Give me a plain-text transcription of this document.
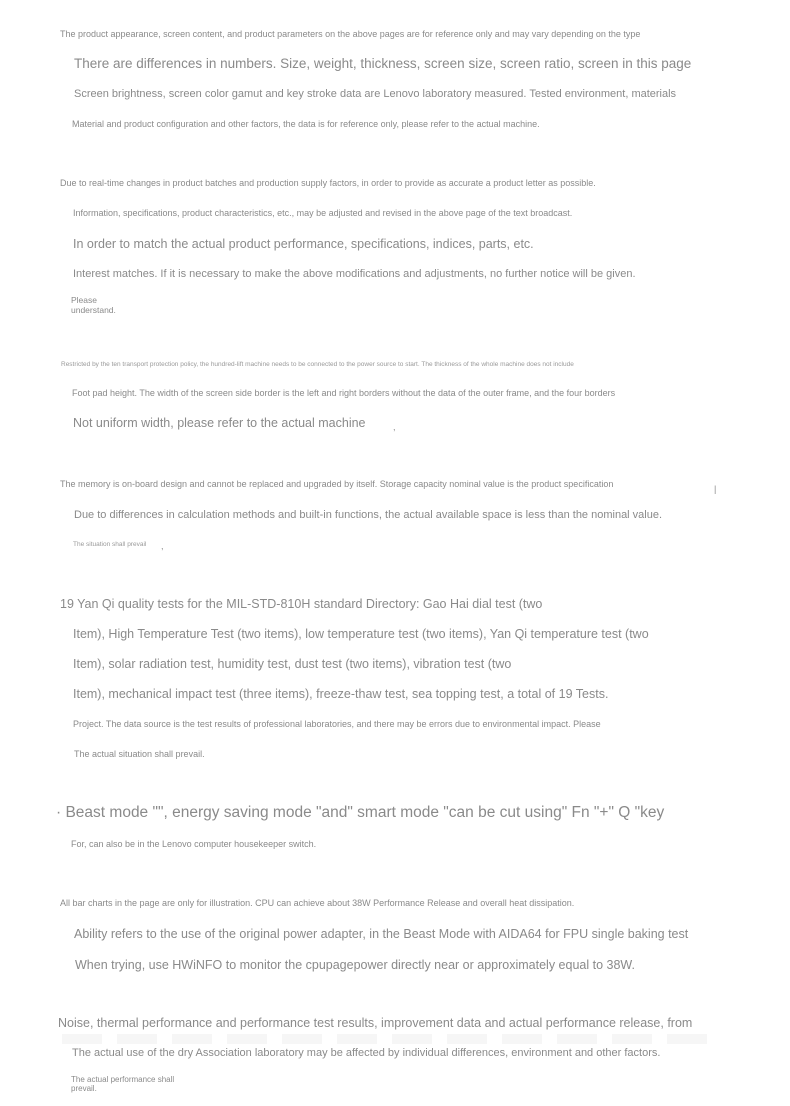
The product appearance, screen content, and product parameters on the above pages are for reference only and may vary depending on the type
There are differences in numbers. Size, weight, thickness, screen size, screen ratio, screen in this page
Screen brightness, screen color gamut and key stroke data are Lenovo laboratory measured. Tested environment, materials
Material and product configuration and other factors, the data is for reference only, please refer to the actual machine.
Due to real-time changes in product batches and production supply factors, in order to provide as accurate a product letter as possible.
Information, specifications, product characteristics, etc., may be adjusted and revised in the above page of the text broadcast.
In order to match the actual product performance, specifications, indices, parts, etc.
Interest matches. If it is necessary to make the above modifications and adjustments, no further notice will be given.
Please understand.
Restricted by the ten transport protection policy, the hundred-lift machine needs to be connected to the power source to start. The thickness of the whole machine does not include
Foot pad height. The width of the screen side border is the left and right borders without the data of the outer frame, and the four borders
Not uniform width, please refer to the actual machine	,
The memory is on-board design and cannot be replaced and upgraded by itself. Storage capacity nominal value is the product specification	|
Due to differences in calculation methods and built-in functions, the actual available space is less than the nominal value.
The situation shall prevail ,
19 Yan Qi quality tests for the MIL-STD-810H standard Directory: Gao Hai dial test (two
Item), High Temperature Test (two items), low temperature test (two items), Yan Qi temperature test (two
Item), solar radiation test, humidity test, dust test (two items), vibration test (two
Item), mechanical impact test (three items), freeze-thaw test, sea topping test, a total of 19 Tests.
Project. The data source is the test results of professional laboratories, and there may be errors due to environmental impact. Please
The actual situation shall prevail.
· Beast mode "", energy saving mode "and" smart mode "can be cut using" Fn "+" Q "key
For, can also be in the Lenovo computer housekeeper switch.
All bar charts in the page are only for illustration. CPU can achieve about 38W Performance Release and overall heat dissipation.
Ability refers to the use of the original power adapter, in the Beast Mode with AIDA64 for FPU single baking test
When trying, use HWiNFO to monitor the cpupagepower directly near or approximately equal to 38W.
Noise, thermal performance and performance test results, improvement data and actual performance release, from
The actual use of the dry Association laboratory may be affected by individual differences, environment and other factors.
The actual performance shall prevail.
